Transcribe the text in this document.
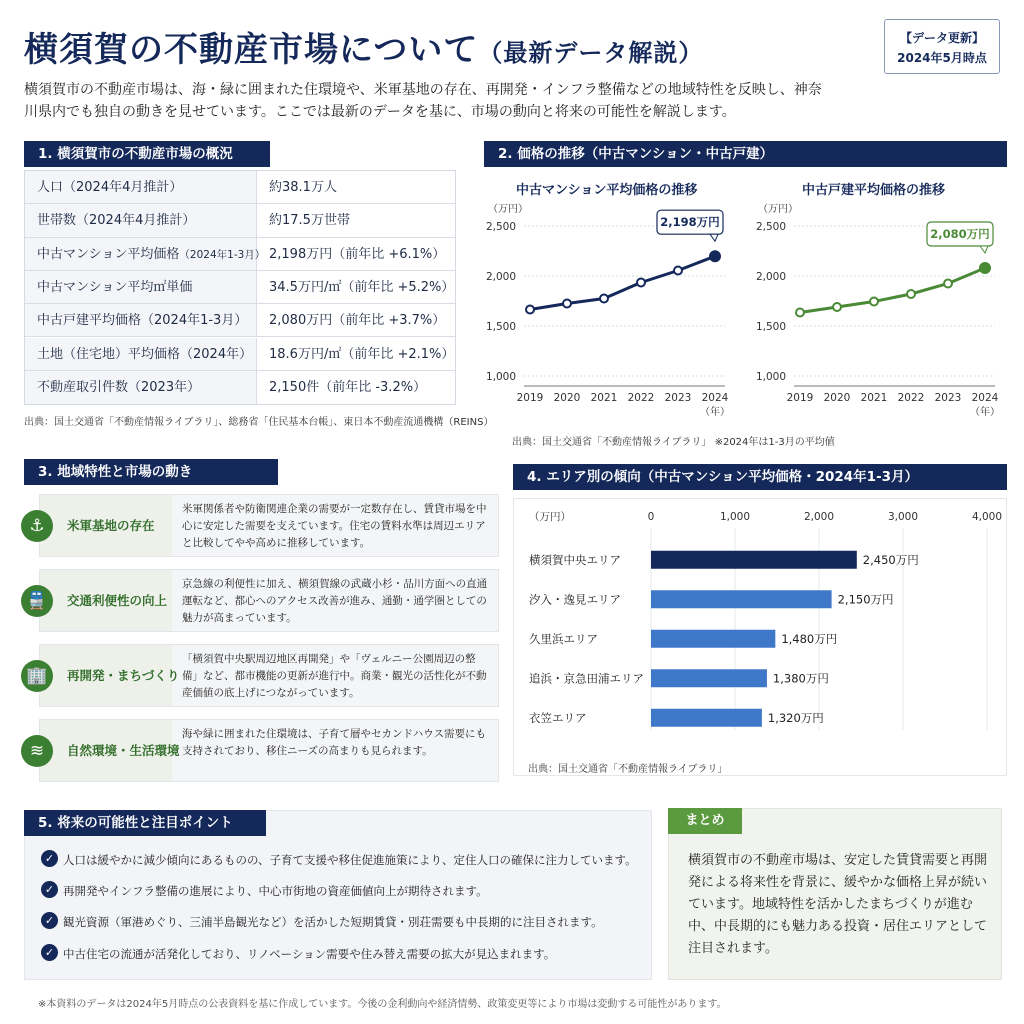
横須賀の不動産市場について（最新データ解説）
【データ更新】
2024年5月時点
横須賀市の不動産市場は、海・緑に囲まれた住環境や、米軍基地の存在、再開発・インフラ整備などの地域特性を反映し、神奈川県内でも独自の動きを見せています。ここでは最新のデータを基に、市場の動向と将来の可能性を解説します。
1. 横須賀市の不動産市場の概況
人口（2024年4月推計）	約38.1万人
世帯数（2024年4月推計）	約17.5万世帯
中古マンション平均価格（2024年1-3月） 2,198万円（前年比 +6.1%）
中古マンション平均㎡単価	34.5万円/㎡（前年比 +5.2%）
中古戸建平均価格（2024年1-3月）	2,080万円（前年比 +3.7%）
土地（住宅地）平均価格（2024年）	18.6万円/㎡（前年比 +2.1%）
不動産取引件数（2023年）	2,150件（前年比 -3.2%）
出典：国土交通省「不動産情報ライブラリ」、総務省「住民基本台帳」、東日本不動産流通機構（REINS）
2. 価格の推移（中古マンション・中古戸建）
中古マンション平均価格の推移	中古戸建平均価格の推移
（万円）
1,000
1,500
2,000
2,500
2019 2020 2021 2022 2023 2024
（年）
2,198万円
（万円）
1,000
1,500
2,000
2,500
2019 2020 2021 2022 2023 2024
（年）
2,080万円
出典：国土交通省「不動産情報ライブラリ」 ※2024年は1-3月の平均値
3. 地域特性と市場の動き
⚓	米軍基地の存在
米軍関係者や防衛関連企業の需要が一定数存在し、賃貸市場を中心に安定した需要を支えています。住宅の賃料水準は周辺エリアと比較してやや高めに推移しています。
🚆	交通利便性の向上
京急線の利便性に加え、横須賀線の武蔵小杉・品川方面への直通運転など、都心へのアクセス改善が進み、通勤・通学圏としての魅力が高まっています。
🏢	再開発・まちづくり
「横須賀中央駅周辺地区再開発」や「ヴェルニー公園周辺の整備」など、都市機能の更新が進行中。商業・観光の活性化が不動産価値の底上げにつながっています。
≋	自然環境・生活環境
海や緑に囲まれた住環境は、子育て層やセカンドハウス需要にも支持されており、移住ニーズの高まりも見られます。
4. エリア別の傾向（中古マンション平均価格・2024年1-3月）
（万円）	0	1,000	2,000	3,000	4,000
横須賀中央エリア	2,450万円
汐入・逸見エリア	2,150万円
久里浜エリア	1,480万円
追浜・京急田浦エリア	1,380万円
衣笠エリア	1,320万円
出典：国土交通省「不動産情報ライブラリ」
5. 将来の可能性と注目ポイント
✓ 人口は緩やかに減少傾向にあるものの、子育て支援や移住促進施策により、定住人口の確保に注力しています。
✓ 再開発やインフラ整備の進展により、中心市街地の資産価値向上が期待されます。
✓ 観光資源（軍港めぐり、三浦半島観光など）を活かした短期賃貸・別荘需要も中長期的に注目されます。
✓ 中古住宅の流通が活発化しており、リノベーション需要や住み替え需要の拡大が見込まれます。
まとめ
横須賀市の不動産市場は、安定した賃貸需要と再開発による将来性を背景に、緩やかな価格上昇が続いています。地域特性を活かしたまちづくりが進む中、中長期的にも魅力ある投資・居住エリアとして注目されます。
※本資料のデータは2024年5月時点の公表資料を基に作成しています。今後の金利動向や経済情勢、政策変更等により市場は変動する可能性があります。
